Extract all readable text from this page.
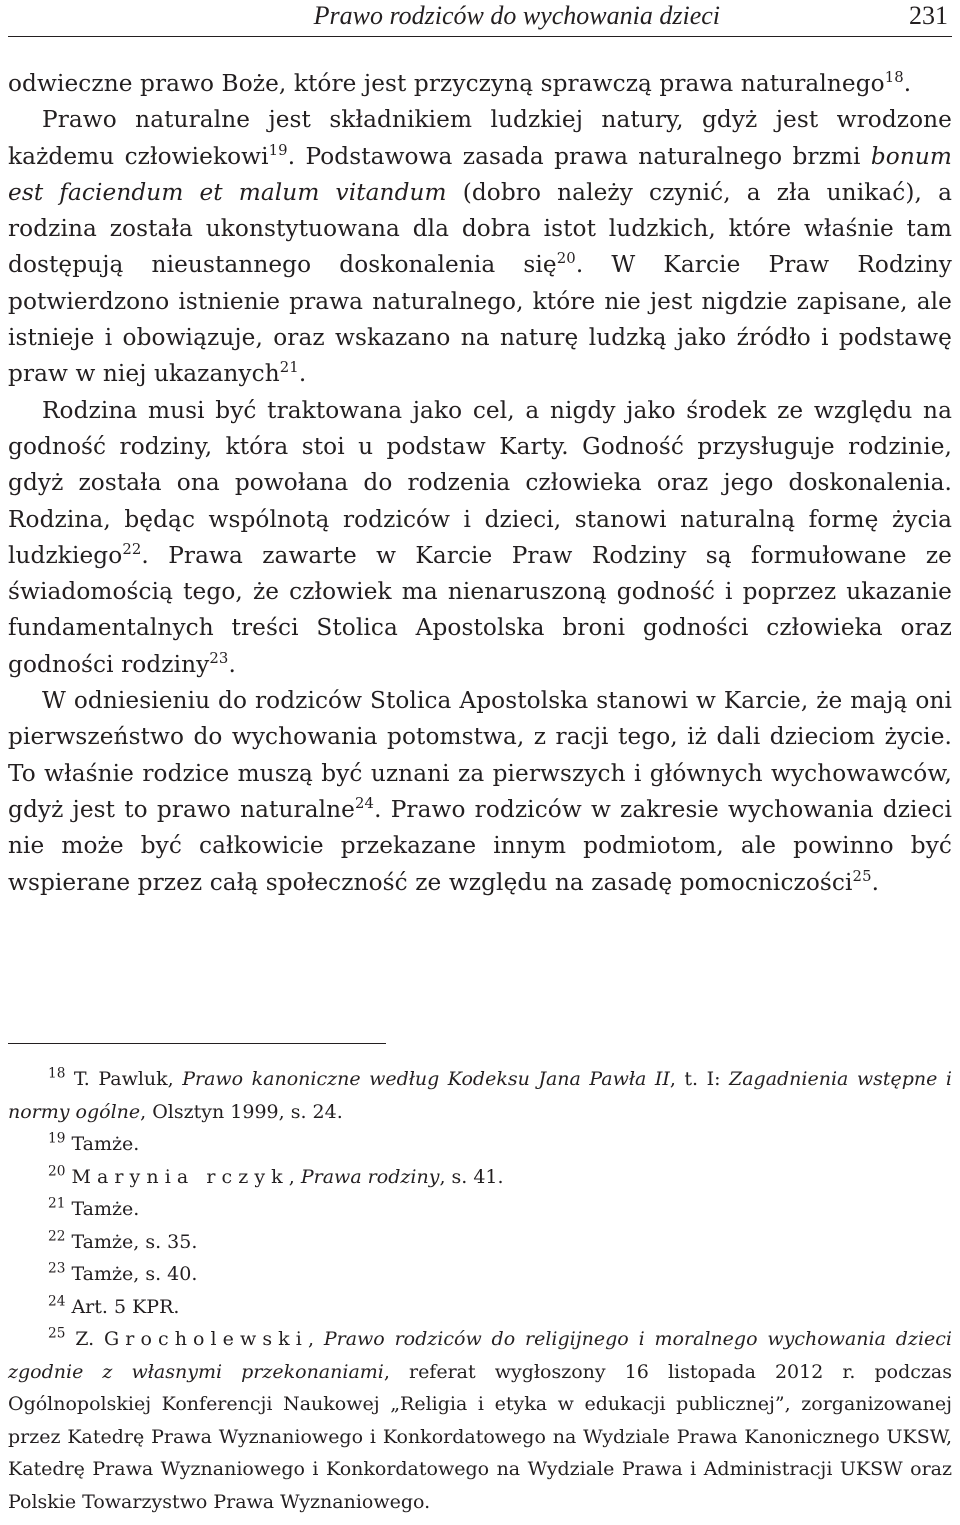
Prawo rodziców do wychowania dzieci	231

odwieczne prawo Boże, które jest przyczyną sprawczą prawa naturalnego$^{18}$.

Prawo naturalne jest składnikiem ludzkiej natury, gdyż jest wrodzone każdemu człowiekowi$^{19}$. Podstawowa zasada prawa naturalnego brzmi bonum est faciendum et malum vitandum (dobro należy czynić, a zła unikać), a rodzina została ukonstytuowana dla dobra istot ludzkich, które właśnie tam dostępują nieustannego doskonalenia się$^{20}$. W Karcie Praw Rodziny potwierdzono istnienie prawa naturalnego, które nie jest nigdzie zapisane, ale istnieje i obowiązuje, oraz wskazano na naturę ludzką jako źródło i podstawę praw w niej ukazanych$^{21}$.

Rodzina musi być traktowana jako cel, a nigdy jako środek ze względu na godność rodziny, która stoi u podstaw Karty. Godność przysługuje rodzinie, gdyż została ona powołana do rodzenia człowieka oraz jego doskonalenia. Rodzina, będąc wspólnotą rodziców i dzieci, stanowi naturalną formę życia ludzkiego$^{22}$. Prawa zawarte w Karcie Praw Rodziny są formułowane ze świadomością tego, że człowiek ma nienaruszoną godność i poprzez ukazanie fundamentalnych treści Stolica Apostolska broni godności człowieka oraz godności rodziny$^{23}$.

W odniesieniu do rodziców Stolica Apostolska stanowi w Karcie, że mają oni pierwszeństwo do wychowania potomstwa, z racji tego, iż dali dzieciom życie. To właśnie rodzice muszą być uznani za pierwszych i głównych wychowawców, gdyż jest to prawo naturalne$^{24}$. Prawo rodziców w zakresie wychowania dzieci nie może być całkowicie przekazane innym podmiotom, ale powinno być wspierane przez całą społeczność ze względu na zasadę pomocniczości$^{25}$.

$^{18}$ T. Pawluk, Prawo kanoniczne według Kodeksu Jana Pawła II, t. I: Zagadnienia wstępne i normy ogólne, Olsztyn 1999, s. 24.

$^{19}$ Tamże.

$^{20}$ Marynia rczyk, Prawa rodziny, s. 41.

$^{21}$ Tamże.

$^{22}$ Tamże, s. 35.

$^{23}$ Tamże, s. 40.

$^{24}$ Art. 5 KPR.

$^{25}$ Z. Grocholewski, Prawo rodziców do religijnego i moralnego wychowania dzieci zgodnie z własnymi przekonaniami, referat wygłoszony 16 listopada 2012 r. podczas Ogólnopolskiej Konferencji Naukowej „Religia i etyka w edukacji publicznej”, zorganizowanej przez Katedrę Prawa Wyznaniowego i Konkordatowego na Wydziale Prawa Kanonicznego UKSW, Katedrę Prawa Wyznaniowego i Konkordatowego na Wydziale Prawa i Administracji UKSW oraz Polskie Towarzystwo Prawa Wyznaniowego.
